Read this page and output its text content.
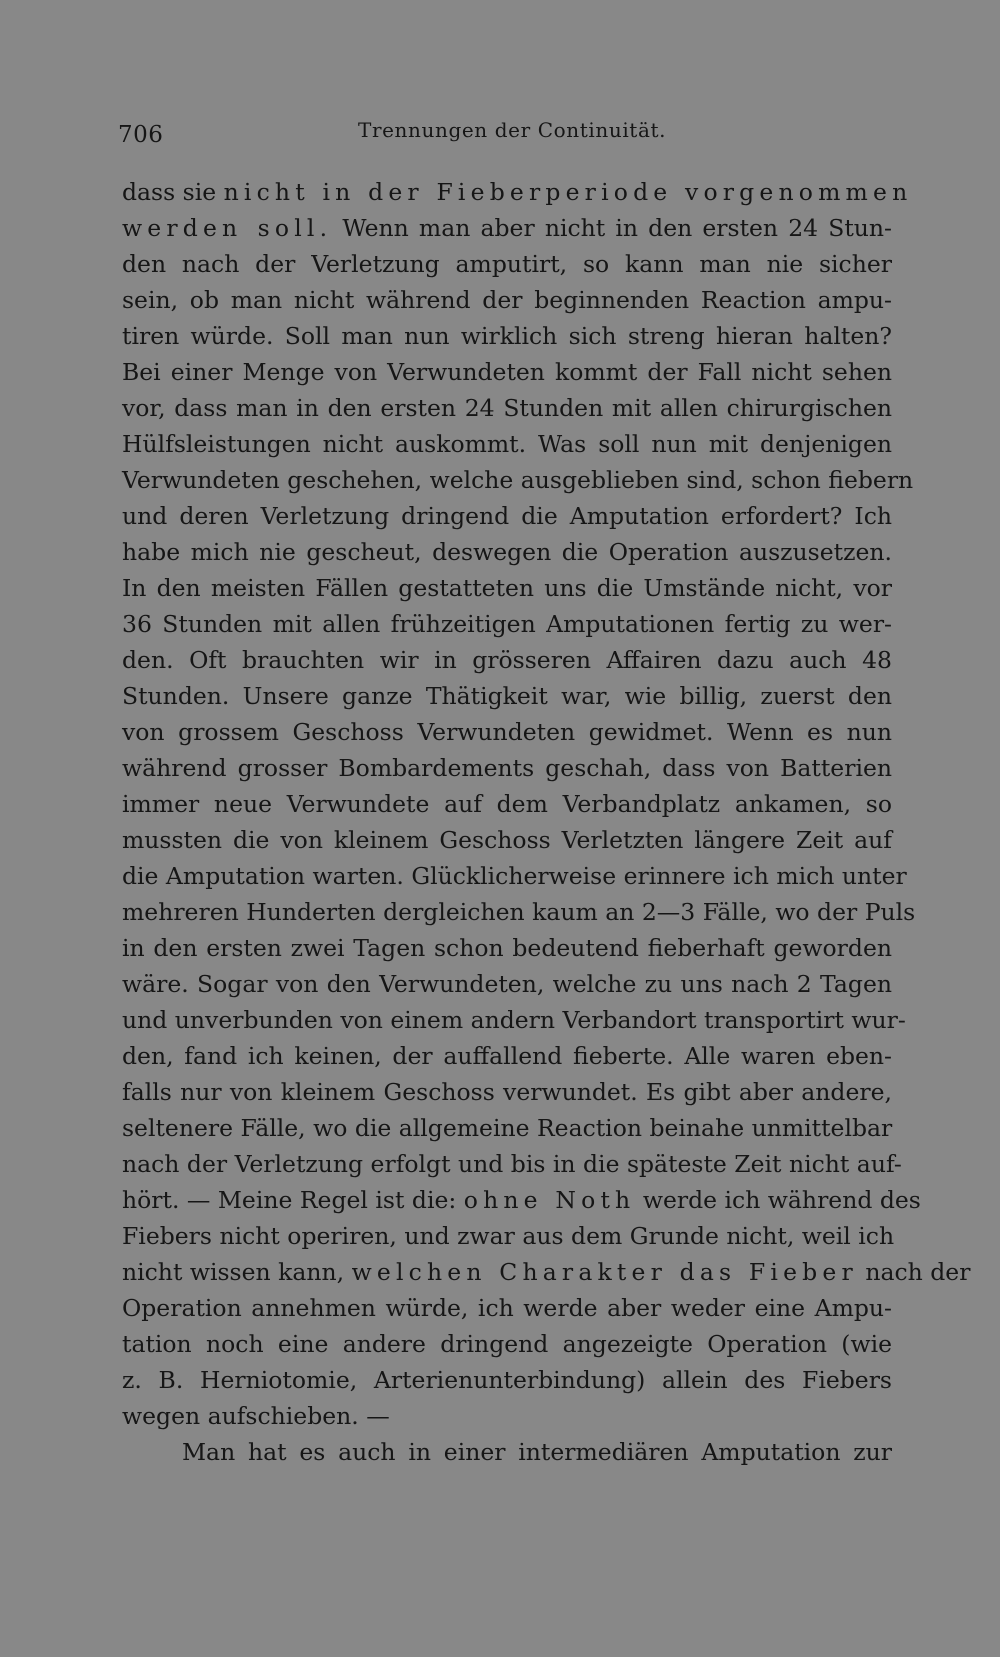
706	Trennungen der Continuität.
dass sie nicht in der Fieberperiode vorgenommen
werden soll. Wenn man aber nicht in den ersten 24 Stun-
den nach der Verletzung amputirt, so kann man nie sicher
sein, ob man nicht während der beginnenden Reaction ampu-
tiren würde. Soll man nun wirklich sich streng hieran halten?
Bei einer Menge von Verwundeten kommt der Fall nicht sehen
vor, dass man in den ersten 24 Stunden mit allen chirurgischen
Hülfsleistungen nicht auskommt. Was soll nun mit denjenigen
Verwundeten geschehen, welche ausgeblieben sind, schon fiebern
und deren Verletzung dringend die Amputation erfordert? Ich
habe mich nie gescheut, deswegen die Operation auszusetzen.
In den meisten Fällen gestatteten uns die Umstände nicht, vor
36 Stunden mit allen frühzeitigen Amputationen fertig zu wer-
den. Oft brauchten wir in grösseren Affairen dazu auch 48
Stunden. Unsere ganze Thätigkeit war, wie billig, zuerst den
von grossem Geschoss Verwundeten gewidmet. Wenn es nun
während grosser Bombardements geschah, dass von Batterien
immer neue Verwundete auf dem Verbandplatz ankamen, so
mussten die von kleinem Geschoss Verletzten längere Zeit auf
die Amputation warten. Glücklicherweise erinnere ich mich unter
mehreren Hunderten dergleichen kaum an 2—3 Fälle, wo der Puls
in den ersten zwei Tagen schon bedeutend fieberhaft geworden
wäre. Sogar von den Verwundeten, welche zu uns nach 2 Tagen
und unverbunden von einem andern Verbandort transportirt wur-
den, fand ich keinen, der auffallend fieberte. Alle waren eben-
falls nur von kleinem Geschoss verwundet. Es gibt aber andere,
seltenere Fälle, wo die allgemeine Reaction beinahe unmittelbar
nach der Verletzung erfolgt und bis in die späteste Zeit nicht auf-
hört. — Meine Regel ist die: ohne Noth werde ich während des
Fiebers nicht operiren, und zwar aus dem Grunde nicht, weil ich
nicht wissen kann, welchen Charakter das Fieber nach der
Operation annehmen würde, ich werde aber weder eine Ampu-
tation noch eine andere dringend angezeigte Operation (wie
z. B. Herniotomie, Arterienunterbindung) allein des Fiebers
wegen aufschieben. —
Man hat es auch in einer intermediären Amputation zur
